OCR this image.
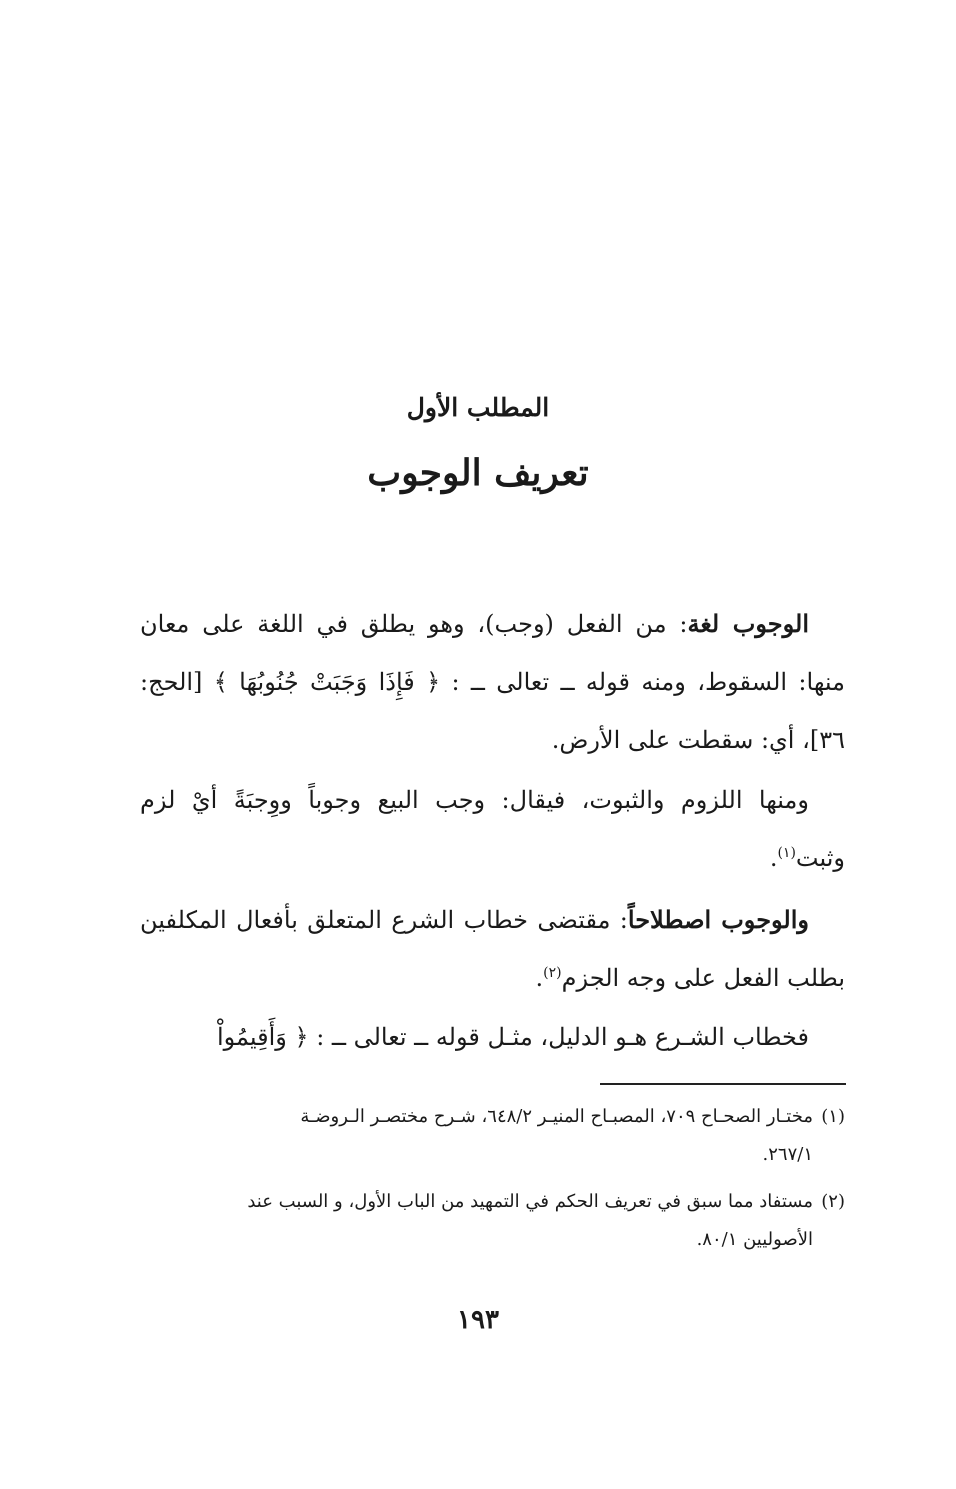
المطلب الأول
تعريف الوجوب
الوجوب لغة: من الفعل (وجب)، وهو يطلق في اللغة على معان منها: السقوط، ومنه قوله ــ تعالى ــ : ﴿ فَإِذَا وَجَبَتْ جُنُوبُهَا ﴾ [الحج: ٣٦]، أي: سقطت على الأرض.
ومنها اللزوم والثبوت، فيقال: وجب البيع وجوباً ووِجبَةً أيْ لزم وثبت$^{(١)}$.
والوجوب اصطلاحاً: مقتضى خطاب الشرع المتعلق بأفعال المكلفين بطلب الفعل على وجه الجزم$^{(٢)}$.
فخطاب الشـرع هـو الدليل، مثـل قوله ــ تعالى ــ : ﴿ وَأَقِيمُواْ
(١)مختـار الصحـاح ٧٠٩، المصبـاح المنيـر ٦٤٨/٢، شـرح مختصـر الـروضـة
٢٦٧/١.
(٢)مستفاد مما سبق في تعريف الحكم في التمهيد من الباب الأول، و السبب عند
الأصوليين ٨٠/١.
١٩٣
